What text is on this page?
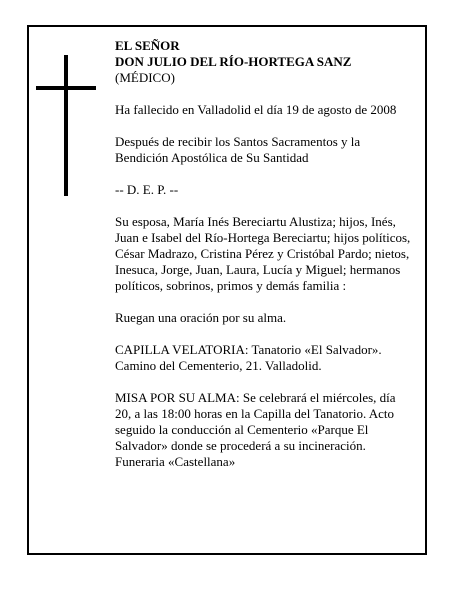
EL SEÑOR
DON JULIO DEL RÍO-HORTEGA SANZ
(MÉDICO)

Ha fallecido en Valladolid el día 19 de agosto de 2008

Después de recibir los Santos Sacramentos y la Bendición Apostólica de Su Santidad

-- D. E. P. --

Su esposa, María Inés Bereciartu Alustiza; hijos, Inés, Juan e Isabel del Río-Hortega Bereciartu; hijos políticos, César Madrazo, Cristina Pérez y Cristóbal Pardo; nietos, Inesuca, Jorge, Juan, Laura, Lucía y Miguel; hermanos políticos, sobrinos, primos y demás familia :

Ruegan una oración por su alma.

CAPILLA VELATORIA: Tanatorio «El Salvador». Camino del Cementerio, 21. Valladolid.

MISA POR SU ALMA: Se celebrará el miércoles, día 20, a las 18:00 horas en la Capilla del Tanatorio. Acto seguido la conducción al Cementerio «Parque El Salvador» donde se procederá a su incineración.

Funeraria «Castellana»
